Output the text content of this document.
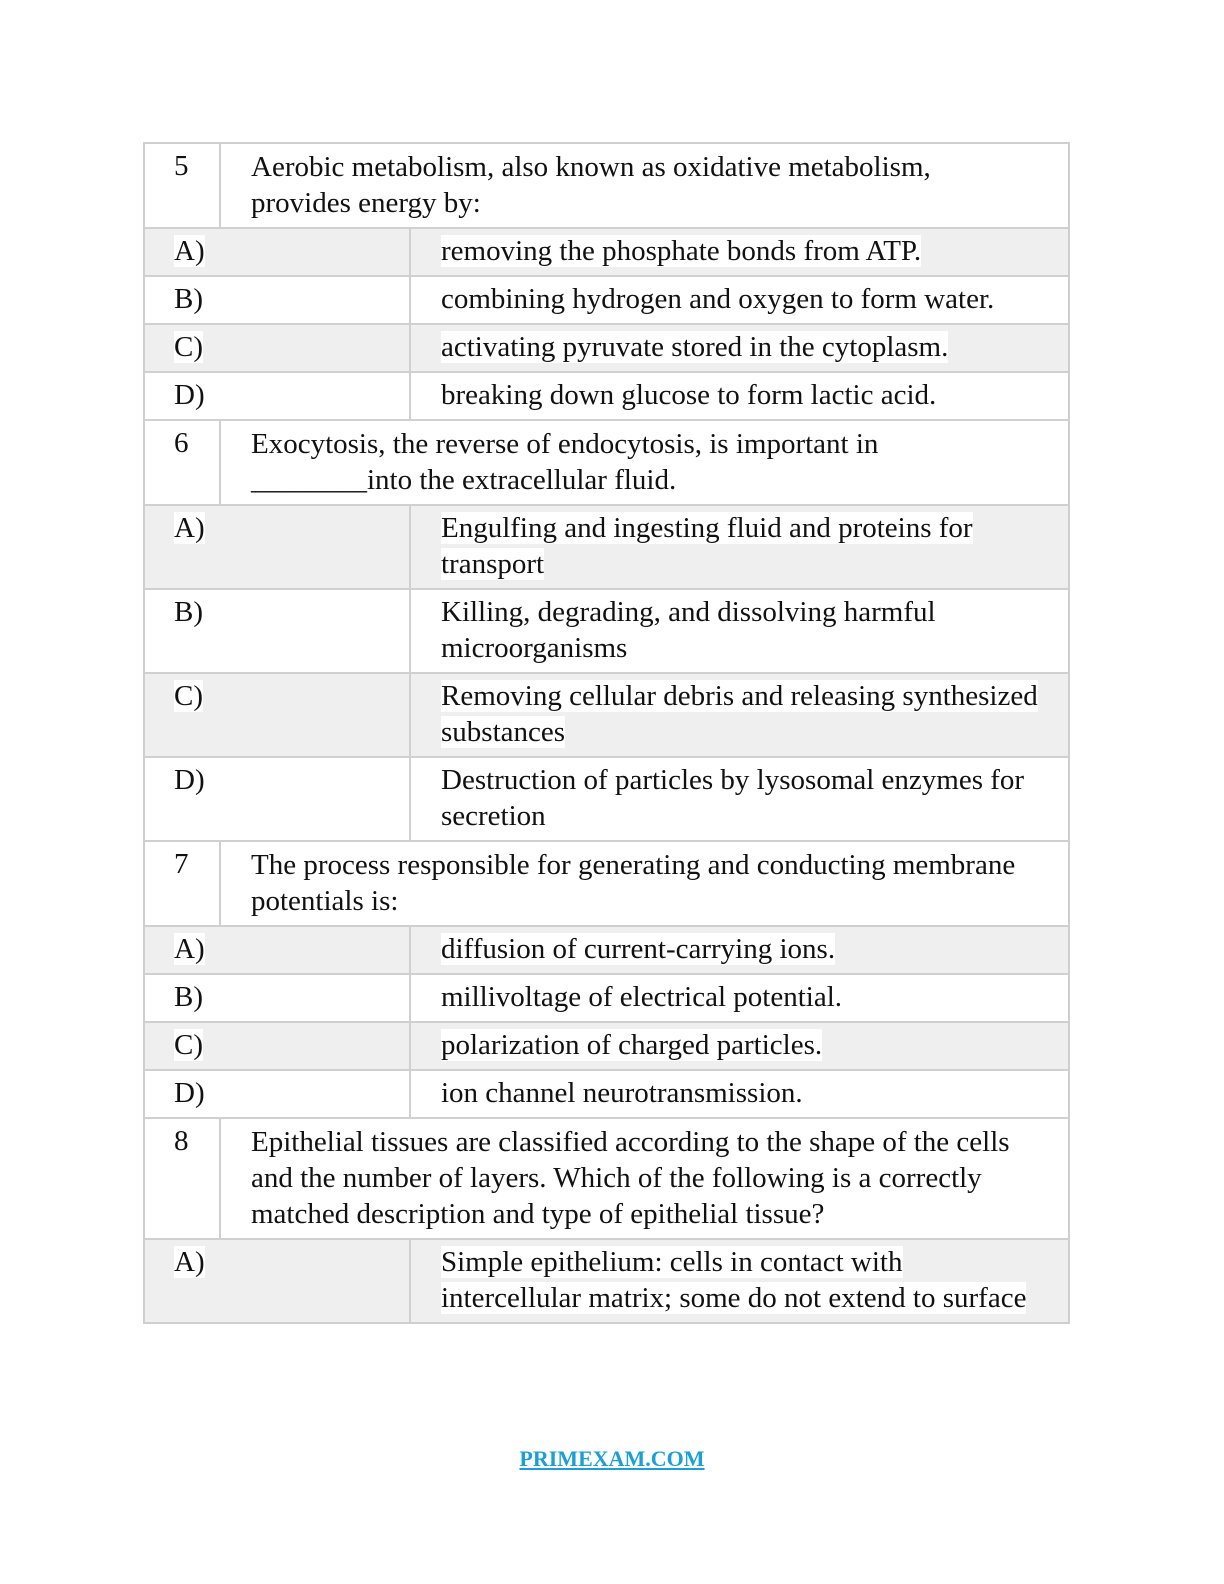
5	Aerobic metabolism, also known as oxidative metabolism, provides energy by:
A)	removing the phosphate bonds from ATP.
B)	combining hydrogen and oxygen to form water.
C)	activating pyruvate stored in the cytoplasm.
D)	breaking down glucose to form lactic acid.
6	Exocytosis, the reverse of endocytosis, is important in ________into the extracellular fluid.
A)	Engulfing and ingesting fluid and proteins for transport
B)	Killing, degrading, and dissolving harmful microorganisms
C)	Removing cellular debris and releasing synthesized substances
D)	Destruction of particles by lysosomal enzymes for secretion
7	The process responsible for generating and conducting membrane potentials is:
A)	diffusion of current-carrying ions.
B)	millivoltage of electrical potential.
C)	polarization of charged particles.
D)	ion channel neurotransmission.
8	Epithelial tissues are classified according to the shape of the cells and the number of layers. Which of the following is a correctly matched description and type of epithelial tissue?
A)	Simple epithelium: cells in contact with intercellular matrix; some do not extend to surface
PRIMEXAM.COM
